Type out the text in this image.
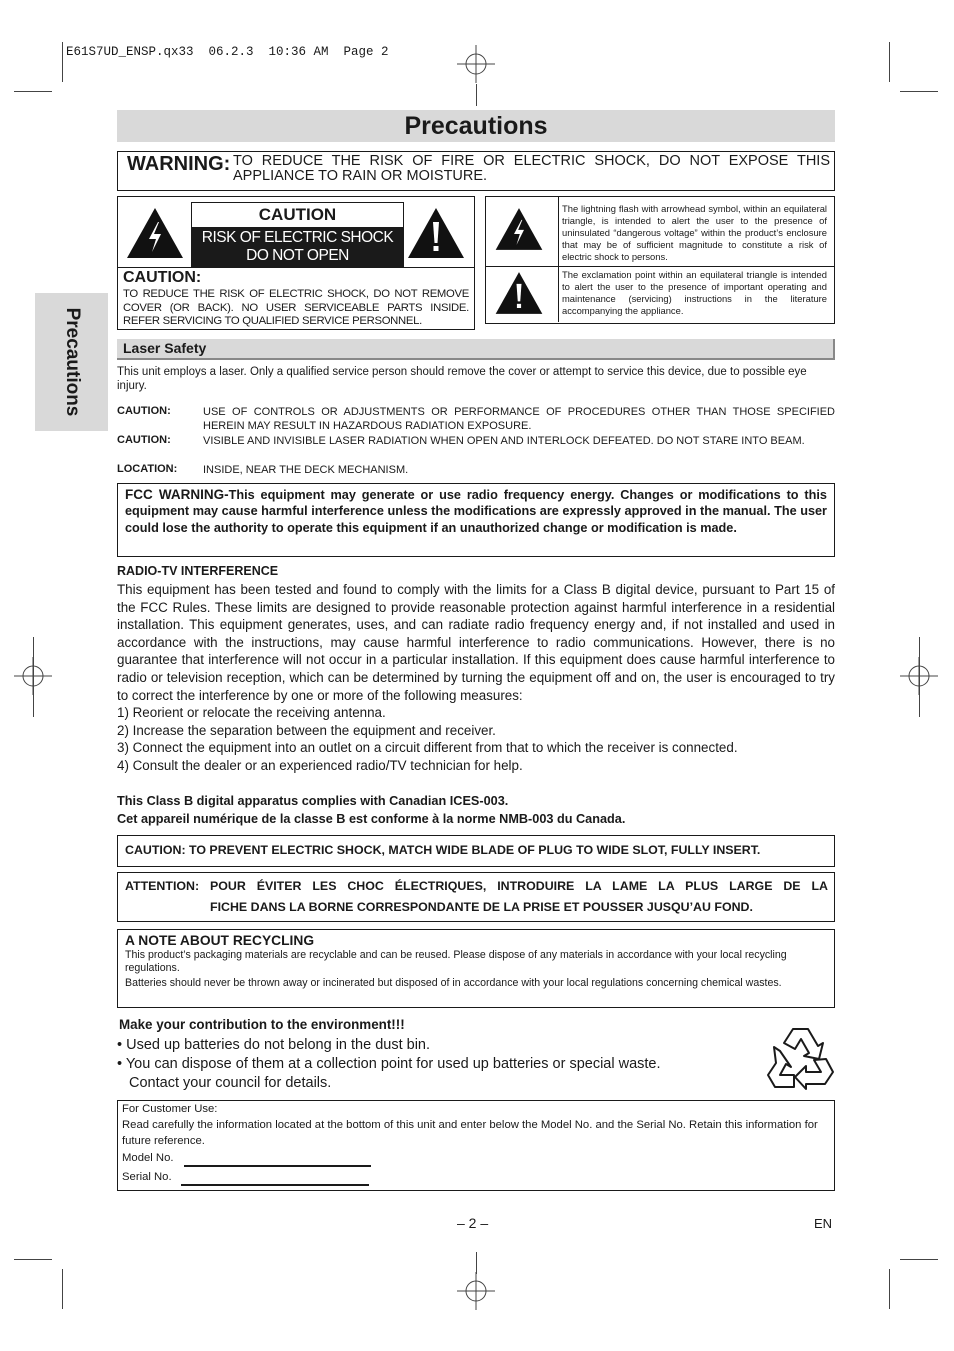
E61S7UD_ENSP.qx33  06.2.3  10:36 AM  Page 2
Precautions
Precautions
WARNING: TO REDUCE THE RISK OF FIRE OR ELECTRIC SHOCK, DO NOT EXPOSE THIS APPLIANCE TO RAIN OR MOISTURE.
CAUTION
RISK OF ELECTRIC SHOCK
DO NOT OPEN
CAUTION:
TO REDUCE THE RISK OF ELECTRIC SHOCK, DO NOT REMOVE COVER (OR BACK). NO USER SERVICEABLE PARTS INSIDE. REFER SERVICING TO QUALIFIED SERVICE PERSONNEL.
The lightning flash with arrowhead symbol, within an equilateral triangle, is intended to alert the user to the presence of uninsulated “dangerous voltage” within the product’s enclosure that may be of sufficient magnitude to constitute a risk of electric shock to persons.
The exclamation point within an equilateral triangle is intended to alert the user to the presence of important operating and maintenance (servicing) instructions in the literature accompanying the appliance.
Laser Safety
This unit employs a laser. Only a qualified service person should remove the cover or attempt to service this device, due to possible eye injury.
CAUTION:	USE OF CONTROLS OR ADJUSTMENTS OR PERFORMANCE OF PROCEDURES OTHER THAN THOSE SPECIFIED HEREIN MAY RESULT IN HAZARDOUS RADIATION EXPOSURE.
CAUTION:	VISIBLE AND INVISIBLE LASER RADIATION WHEN OPEN AND INTERLOCK DEFEATED. DO NOT STARE INTO BEAM.
LOCATION: INSIDE, NEAR THE DECK MECHANISM.
FCC WARNING-This equipment may generate or use radio frequency energy. Changes or modifications to this equipment may cause harmful interference unless the modifications are expressly approved in the manual. The user could lose the authority to operate this equipment if an unauthorized change or modification is made.
RADIO-TV INTERFERENCE
This equipment has been tested and found to comply with the limits for a Class B digital device, pursuant to Part 15 of the FCC Rules. These limits are designed to provide reasonable protection against harmful interference in a residential installation. This equipment generates, uses, and can radiate radio frequency energy and, if not installed and used in accordance with the instructions, may cause harmful interference to radio communications. However, there is no guarantee that interference will not occur in a particular installation. If this equipment does cause harmful interference to radio or television reception, which can be determined by turning the equipment off and on, the user is encouraged to try to correct the interference by one or more of the following measures:
1) Reorient or relocate the receiving antenna.
2) Increase the separation between the equipment and receiver.
3) Connect the equipment into an outlet on a circuit different from that to which the receiver is connected.
4) Consult the dealer or an experienced radio/TV technician for help.
This Class B digital apparatus complies with Canadian ICES-003.
Cet appareil numérique de la classe B est conforme à la norme NMB-003 du Canada.
CAUTION: TO PREVENT ELECTRIC SHOCK, MATCH WIDE BLADE OF PLUG TO WIDE SLOT, FULLY INSERT.
ATTENTION: POUR ÉVITER LES CHOC ÉLECTRIQUES, INTRODUIRE LA LAME LA PLUS LARGE DE LA
FICHE DANS LA BORNE CORRESPONDANTE DE LA PRISE ET POUSSER JUSQU’AU FOND.
A NOTE ABOUT RECYCLING
This product’s packaging materials are recyclable and can be reused. Please dispose of any materials in accordance with your local recycling regulations.
Batteries should never be thrown away or incinerated but disposed of in accordance with your local regulations concerning chemical wastes.
Make your contribution to the environment!!!
• Used up batteries do not belong in the dust bin.
• You can dispose of them at a collection point for used up batteries or special waste.
Contact your council for details.
For Customer Use:
Read carefully the information located at the bottom of this unit and enter below the Model No. and the Serial No. Retain this information for future reference.
Model No.
Serial No.
– 2 –	EN
